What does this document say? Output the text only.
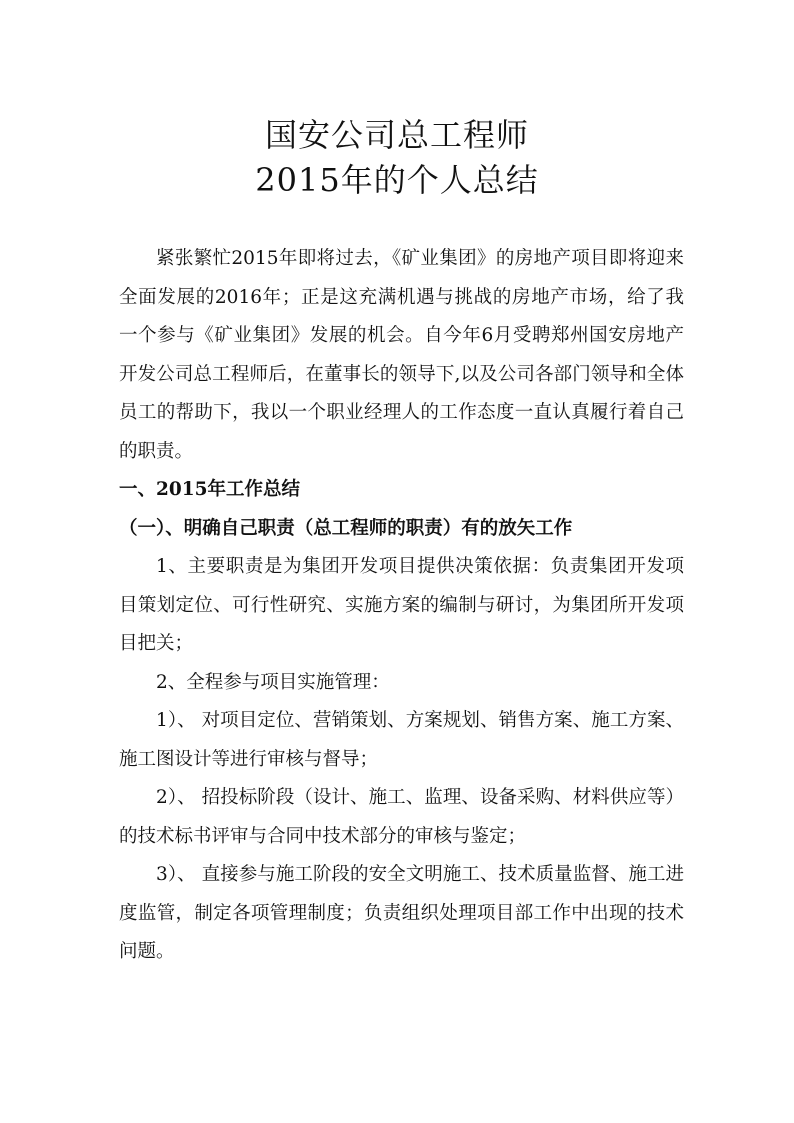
国安公司总工程师
2015年的个人总结

紧张繁忙2015年即将过去，《矿业集团》的房地产项目即将迎来全面发展的2016年；正是这充满机遇与挑战的房地产市场，给了我一个参与《矿业集团》发展的机会。自今年6月受聘郑州国安房地产开发公司总工程师后，在董事长的领导下,以及公司各部门领导和全体员工的帮助下，我以一个职业经理人的工作态度一直认真履行着自己的职责。

一、2015年工作总结

（一）、明确自己职责（总工程师的职责）有的放矢工作

1、主要职责是为集团开发项目提供决策依据：负责集团开发项目策划定位、可行性研究、实施方案的编制与研讨，为集团所开发项目把关；

2、全程参与项目实施管理：

1）、 对项目定位、营销策划、方案规划、销售方案、施工方案、施工图设计等进行审核与督导；

2）、 招投标阶段（设计、施工、监理、设备采购、材料供应等）的技术标书评审与合同中技术部分的审核与鉴定；

3）、 直接参与施工阶段的安全文明施工、技术质量监督、施工进度监管，制定各项管理制度；负责组织处理项目部工作中出现的技术问题。
